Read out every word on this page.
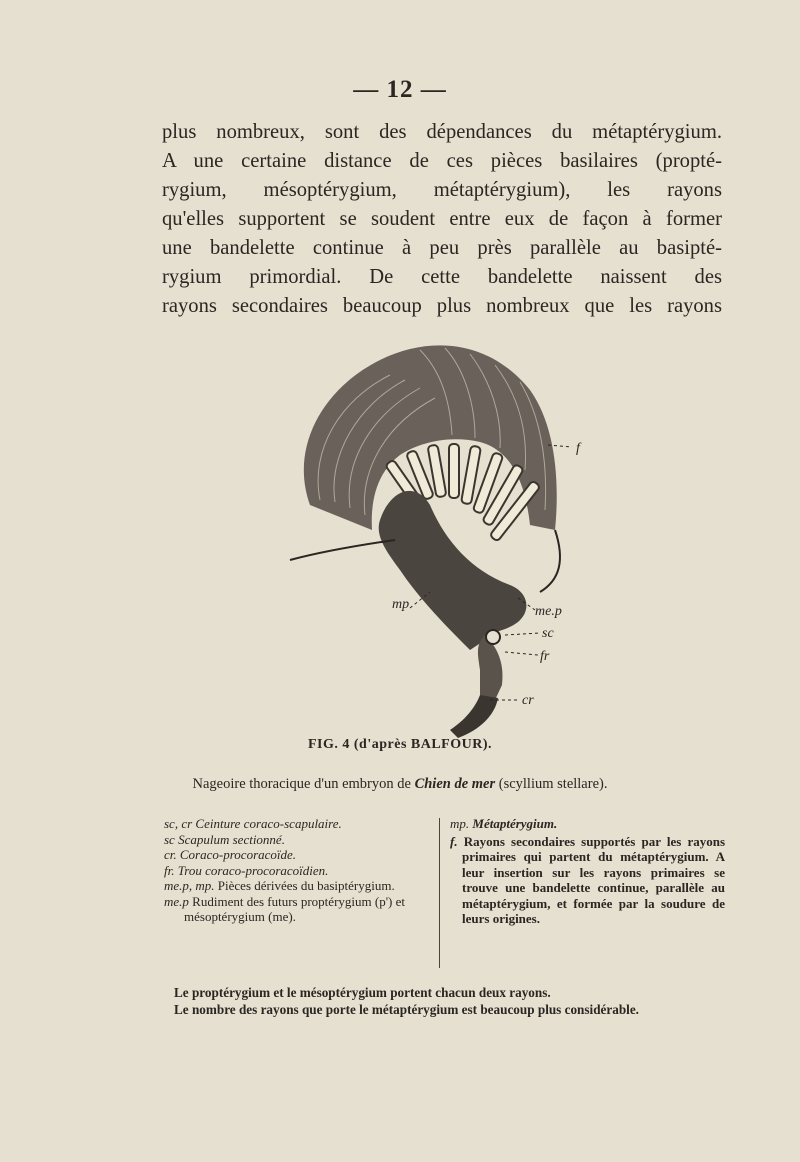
— 12 —
plus nombreux, sont des dépendances du métaptérygium.
A une certaine distance de ces pièces basilaires (propté-
rygium, mésoptérygium, métaptérygium), les rayons
qu'elles supportent se soudent entre eux de façon à former
une bandelette continue à peu près parallèle au basipté-
rygium primordial. De cette bandelette naissent des
rayons secondaires beaucoup plus nombreux que les rayons
f
mp	me.p
sc
fr
cr
FIG. 4 (d'après BALFOUR).
Nageoire thoracique d'un embryon de Chien de mer (scyllium stellare).
sc, cr Ceinture coraco-scapulaire.
sc Scapulum sectionné.
cr. Coraco-procoracoïde.
fr. Trou coraco-procoracoïdien.
me.p, mp. Pièces dérivées du basiptérygium.
me.p Rudiment des futurs proptérygium (p') et mésoptérygium (me).
mp. Métaptérygium.
f. Rayons secondaires supportés par les rayons primaires qui partent du métaptérygium. A leur insertion sur les rayons primaires se trouve une bandelette continue, parallèle au métaptérygium, et formée par la soudure de leurs origines.

Le proptérygium et le mésoptérygium portent chacun deux rayons.

Le nombre des rayons que porte le métaptérygium est beaucoup plus considérable.
